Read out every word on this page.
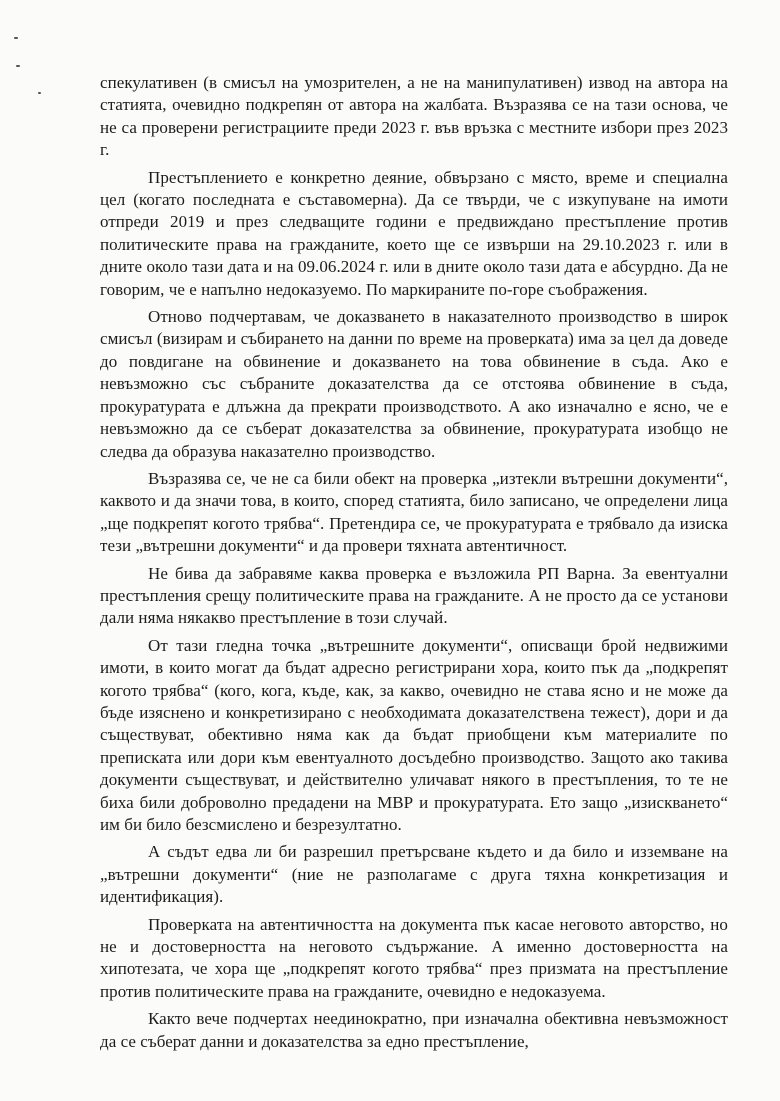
спекулативен (в смисъл на умозрителен, а не на манипулативен) извод на автора на статията, очевидно подкрепян от автора на жалбата. Възразява се на тази основа, че не са проверени регистрациите преди 2023 г. във връзка с местните избори през 2023 г.

Престъплението е конкретно деяние, обвързано с място, време и специална цел (когато последната е съставомерна). Да се твърди, че с изкупуване на имоти отпреди 2019 и през следващите години е предвиждано престъпление против политическите права на гражданите, което ще се извърши на 29.10.2023 г. или в дните около тази дата и на 09.06.2024 г. или в дните около тази дата е абсурдно. Да не говорим, че е напълно недоказуемо. По маркираните по-горе съображения.

Отново подчертавам, че доказването в наказателното производство в широк смисъл (визирам и събирането на данни по време на проверката) има за цел да доведе до повдигане на обвинение и доказването на това обвинение в съда. Ако е невъзможно със събраните доказателства да се отстоява обвинение в съда, прокуратурата е длъжна да прекрати производството. А ако изначално е ясно, че е невъзможно да се съберат доказателства за обвинение, прокуратурата изобщо не следва да образува наказателно производство.

Възразява се, че не са били обект на проверка „изтекли вътрешни документи“, каквото и да значи това, в които, според статията, било записано, че определени лица „ще подкрепят когото трябва“. Претендира се, че прокуратурата е трябвало да изиска тези „вътрешни документи“ и да провери тяхната автентичност.

Не бива да забравяме каква проверка е възложила РП Варна. За евентуални престъпления срещу политическите права на гражданите. А не просто да се установи дали няма някакво престъпление в този случай.

От тази гледна точка „вътрешните документи“, описващи брой недвижими имоти, в които могат да бъдат адресно регистрирани хора, които пък да „подкрепят когото трябва“ (кого, кога, къде, как, за какво, очевидно не става ясно и не може да бъде изяснено и конкретизирано с необходимата доказателствена тежест), дори и да съществуват, обективно няма как да бъдат приобщени към материалите по преписката или дори към евентуалното досъдебно производство. Защото ако такива документи съществуват, и действително уличават някого в престъпления, то те не биха били доброволно предадени на МВР и прокуратурата. Ето защо „изискването“ им би било безсмислено и безрезултатно.

А съдът едва ли би разрешил претърсване където и да било и изземване на „вътрешни документи“ (ние не разполагаме с друга тяхна конкретизация и идентификация).

Проверката на автентичността на документа пък касае неговото авторство, но не и достоверността на неговото съдържание. А именно достоверността на хипотезата, че хора ще „подкрепят когото трябва“ през призмата на престъпление против политическите права на гражданите, очевидно е недоказуема.

Както вече подчертах неединократно, при изначална обективна невъзможност да се съберат данни и доказателства за едно престъпление,
